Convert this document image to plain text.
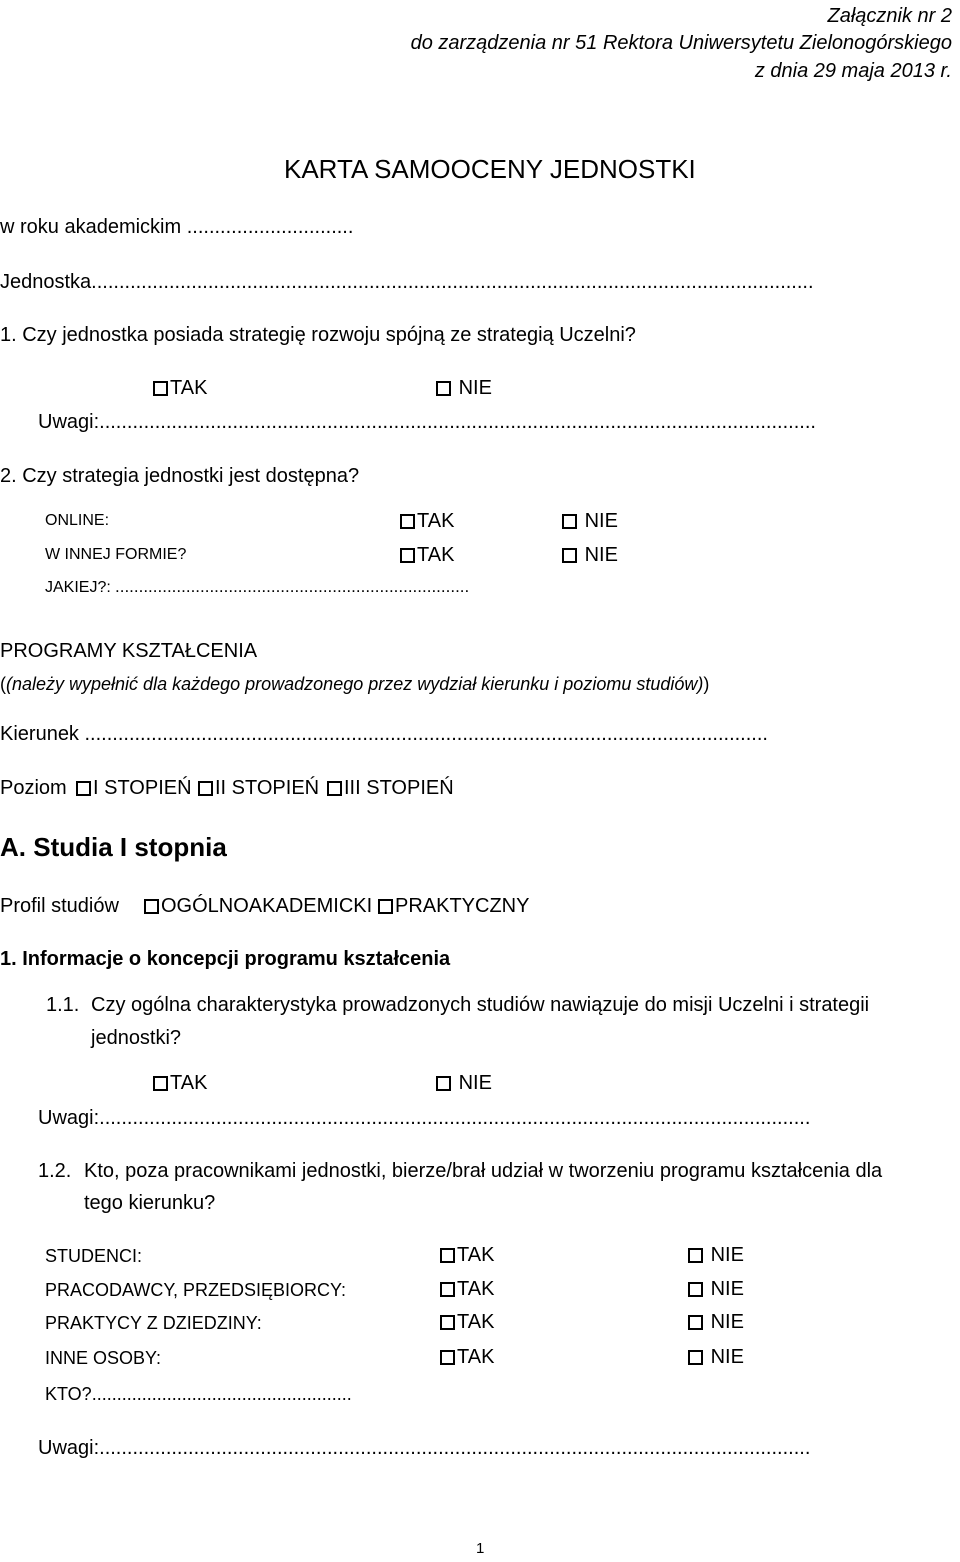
Załącznik nr 2
do zarządzenia nr 51 Rektora Uniwersytetu Zielonogórskiego
z dnia 29 maja 2013 r.
KARTA SAMOOCENY JEDNOSTKI
w roku akademickim ..............................
Jednostka..................................................................................................................................
1. Czy jednostka posiada strategię rozwoju spójną ze strategią Uczelni?
TAK	NIE
Uwagi:.................................................................................................................................
2. Czy strategia jednostki jest dostępna?
ONLINE:	TAK	NIE
W INNEJ FORMIE?	TAK	NIE
JAKIEJ?: ...........................................................................
PROGRAMY KSZTAŁCENIA
((należy wypełnić dla każdego prowadzonego przez wydział kierunku i poziomu studiów))
Kierunek ...........................................................................................................................
Poziom	I STOPIEŃ	II STOPIEŃ	III STOPIEŃ
A. Studia I stopnia
Profil studiów	OGÓLNOAKADEMICKI	PRAKTYCZNY
1. Informacje o koncepcji programu kształcenia
1.1. Czy ogólna charakterystyka prowadzonych studiów nawiązuje do misji Uczelni i strategii
jednostki?
TAK	NIE
Uwagi:................................................................................................................................
1.2. Kto, poza pracownikami jednostki, bierze/brał udział w tworzeniu programu kształcenia dla
tego kierunku?
STUDENCI:	TAK	NIE
PRACODAWCY, PRZEDSIĘBIORCY:	TAK	NIE
PRAKTYCY Z DZIEDZINY:	TAK	NIE
INNE OSOBY:	TAK	NIE
KTO?....................................................
Uwagi:................................................................................................................................
1
